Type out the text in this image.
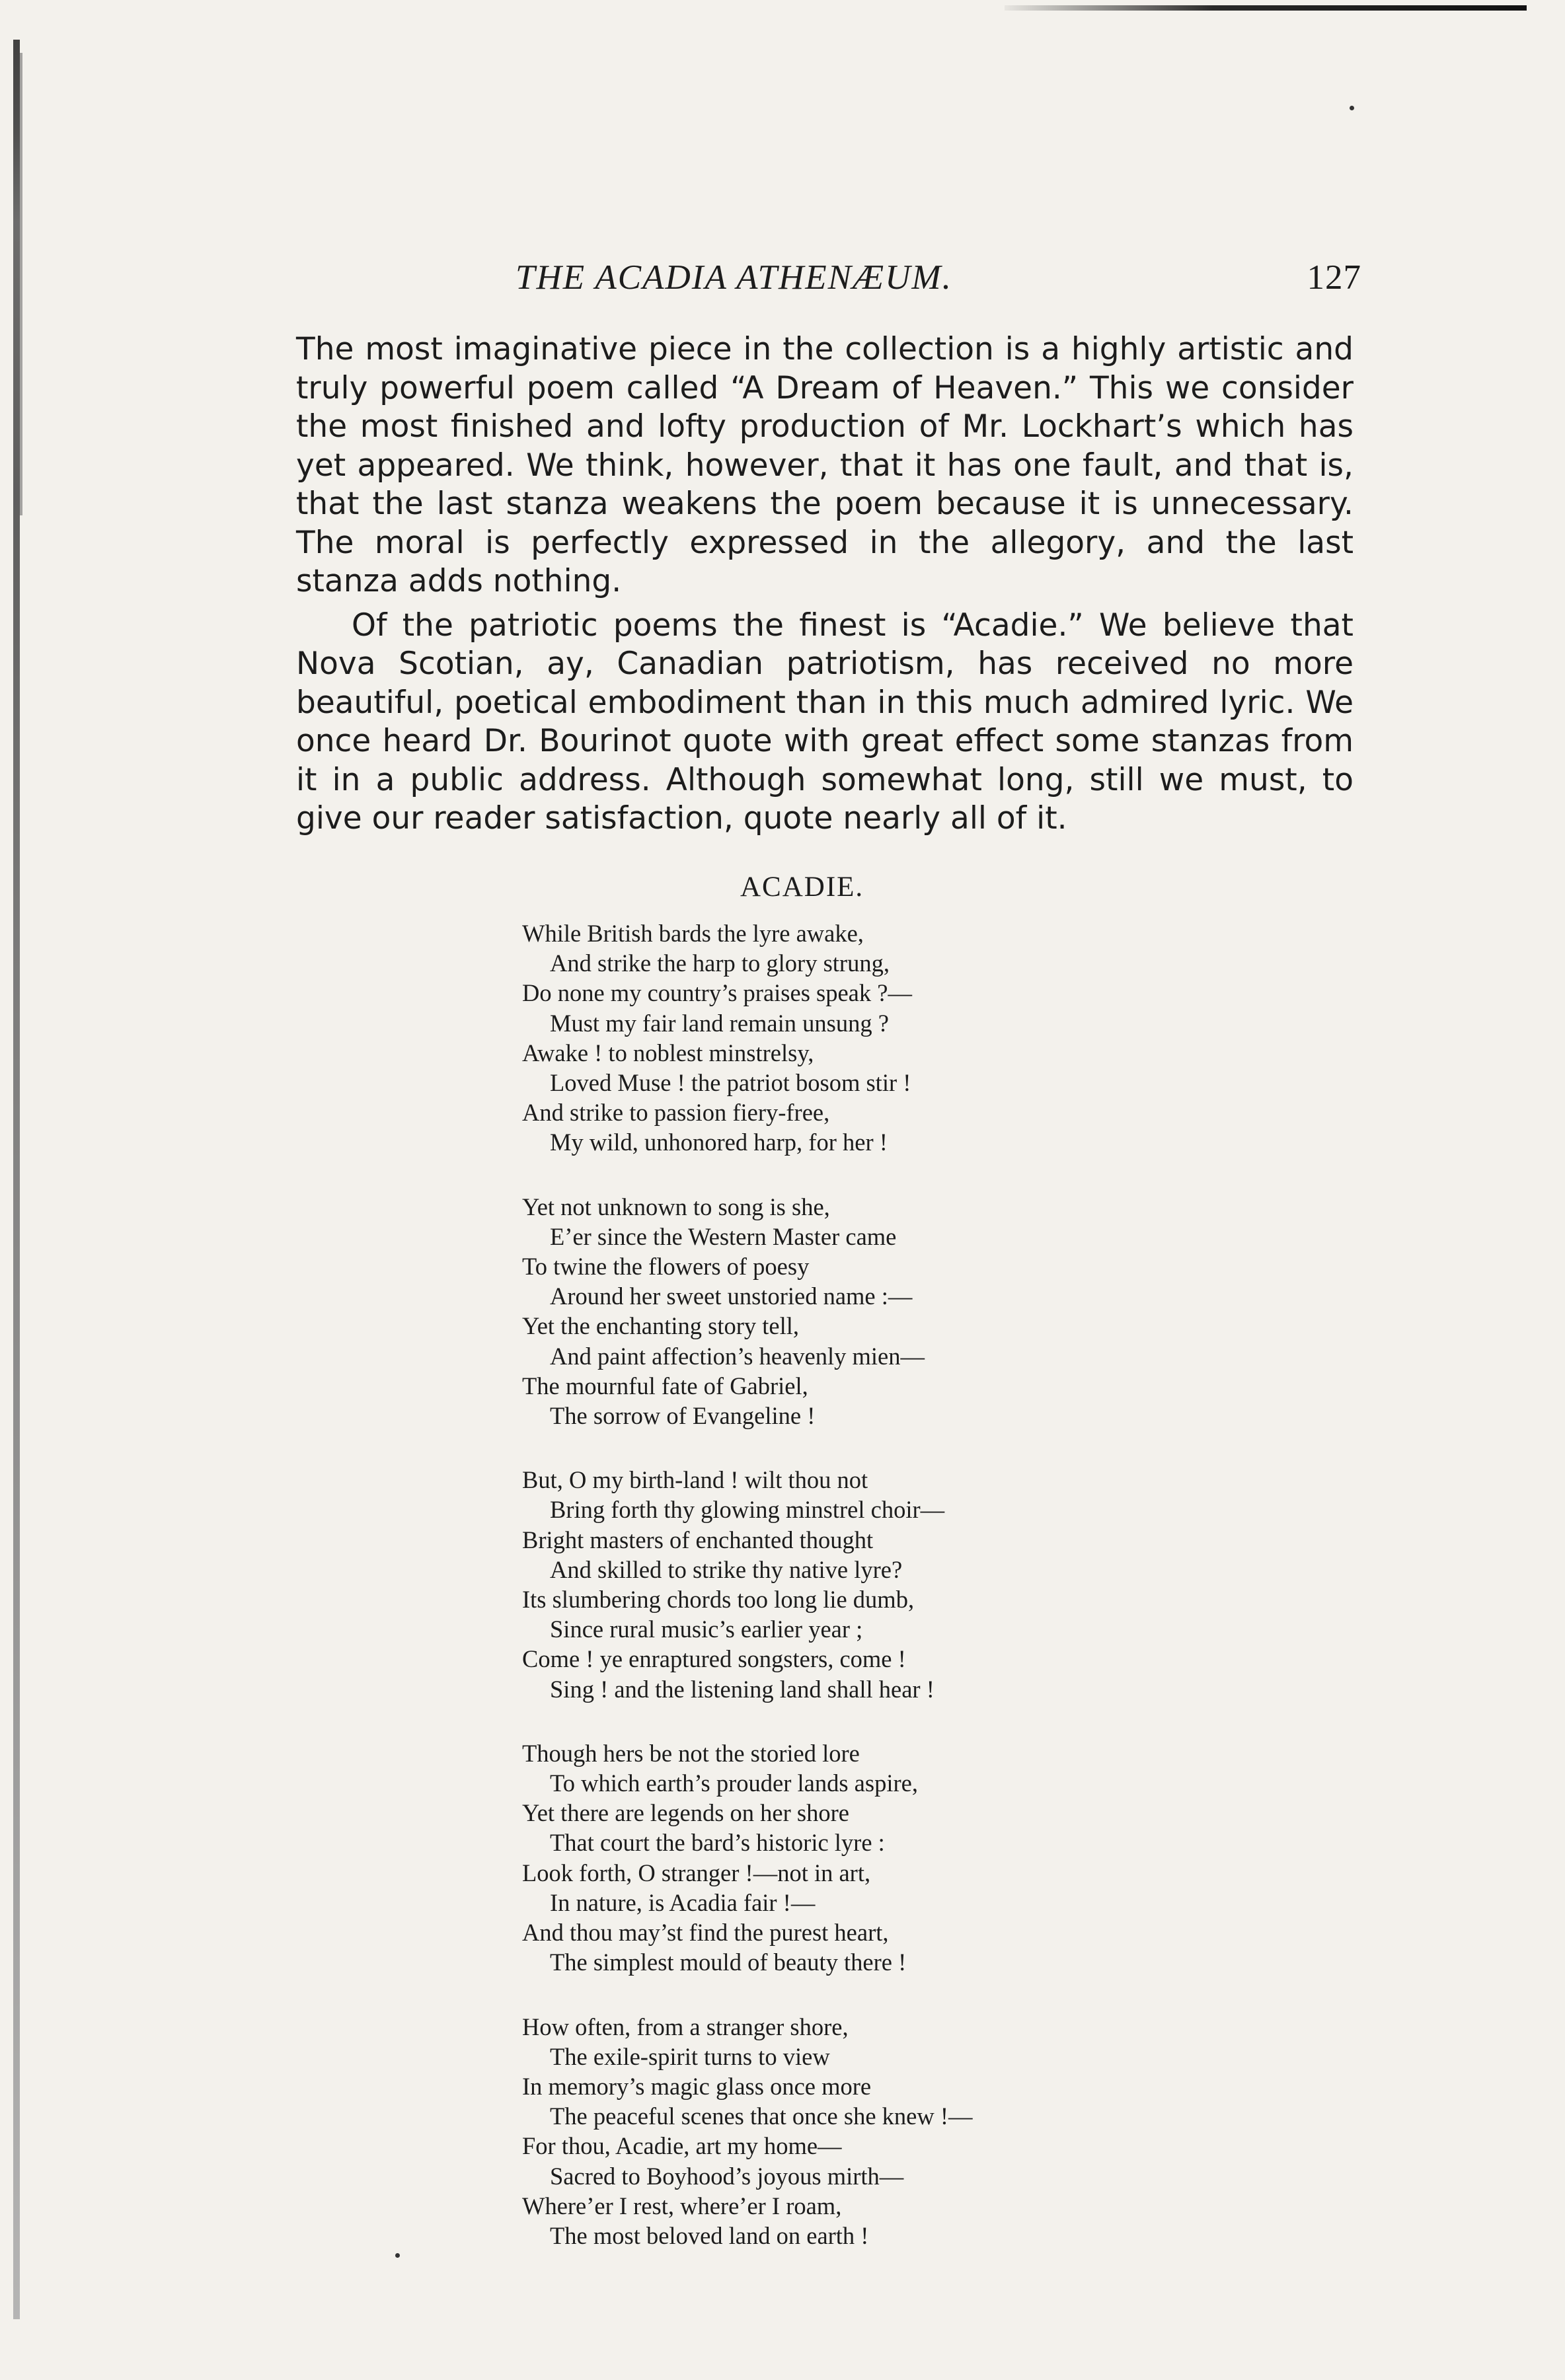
THE ACADIA ATHENÆUM.	127

The most imaginative piece in the collection is a highly artistic and truly powerful poem called “A Dream of Heaven.” This we consider the most finished and lofty production of Mr. Lockhart’s which has yet appeared. We think, however, that it has one fault, and that is, that the last stanza weakens the poem because it is unnecessary. The moral is perfectly expressed in the allegory, and the last stanza adds nothing.

Of the patriotic poems the finest is “Acadie.” We believe that Nova Scotian, ay, Canadian patriotism, has received no more beautiful, poetical embodiment than in this much admired lyric. We once heard Dr. Bourinot quote with great effect some stanzas from it in a public address. Although somewhat long, still we must, to give our reader satisfaction, quote nearly all of it.

ACADIE.
While British bards the lyre awake,
And strike the harp to glory strung,
Do none my country’s praises speak ?—
Must my fair land remain unsung ?
Awake ! to noblest minstrelsy,
Loved Muse ! the patriot bosom stir !
And strike to passion fiery-free,
My wild, unhonored harp, for her !
Yet not unknown to song is she,
E’er since the Western Master came
To twine the flowers of poesy
Around her sweet unstoried name :—
Yet the enchanting story tell,
And paint affection’s heavenly mien—
The mournful fate of Gabriel,
The sorrow of Evangeline !
But, O my birth-land ! wilt thou not
Bring forth thy glowing minstrel choir—
Bright masters of enchanted thought
And skilled to strike thy native lyre?
Its slumbering chords too long lie dumb,
Since rural music’s earlier year ;
Come ! ye enraptured songsters, come !
Sing ! and the listening land shall hear !
Though hers be not the storied lore
To which earth’s prouder lands aspire,
Yet there are legends on her shore
That court the bard’s historic lyre :
Look forth, O stranger !—not in art,
In nature, is Acadia fair !—
And thou may’st find the purest heart,
The simplest mould of beauty there !
How often, from a stranger shore,
The exile-spirit turns to view
In memory’s magic glass once more
The peaceful scenes that once she knew !—
For thou, Acadie, art my home—
Sacred to Boyhood’s joyous mirth—
Where’er I rest, where’er I roam,
The most beloved land on earth !
